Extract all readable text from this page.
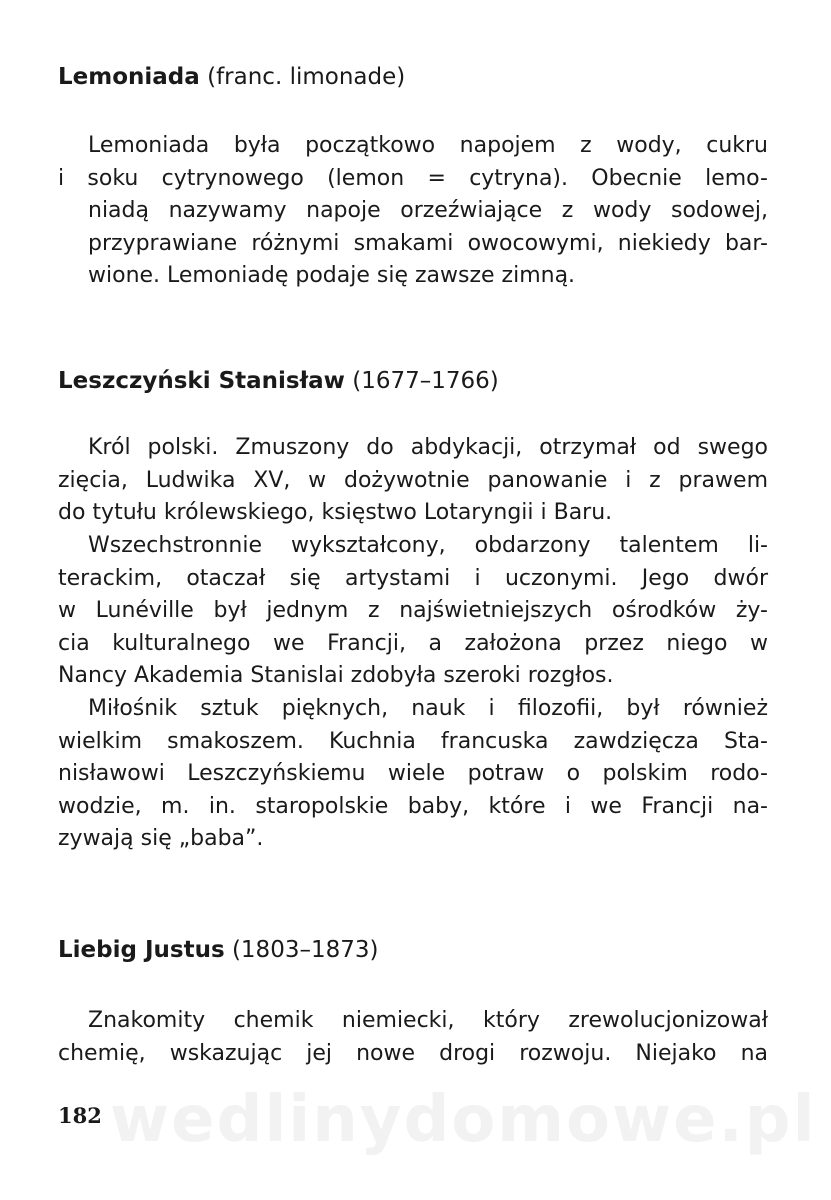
Lemoniada (franc. limonade)

Lemoniada była początkowo napojem z wody, cukru
i soku cytrynowego (lemon = cytryna). Obecnie lemo-
niadą nazywamy napoje orzeźwiające z wody sodowej,
przyprawiane różnymi smakami owocowymi, niekiedy bar-
wione. Lemoniadę podaje się zawsze zimną.

Leszczyński Stanisław (1677–1766)

Król polski. Zmuszony do abdykacji, otrzymał od swego
zięcia, Ludwika XV, w dożywotnie panowanie i z prawem
do tytułu królewskiego, księstwo Lotaryngii i Baru.

Wszechstronnie wykształcony, obdarzony talentem li-
terackim, otaczał się artystami i uczonymi. Jego dwór
w Lunéville był jednym z najświetniejszych ośrodków ży-
cia kulturalnego we Francji, a założona przez niego w
Nancy Akademia Stanislai zdobyła szeroki rozgłos.

Miłośnik sztuk pięknych, nauk i filozofii, był również
wielkim smakoszem. Kuchnia francuska zawdzięcza Sta-
nisławowi Leszczyńskiemu wiele potraw o polskim rodo-
wodzie, m. in. staropolskie baby, które i we Francji na-
zywają się „baba”.

Liebig Justus (1803–1873)

Znakomity chemik niemiecki, który zrewolucjonizował
chemię, wskazując jej nowe drogi rozwoju. Niejako na

wedlinydomowe.pl
182
